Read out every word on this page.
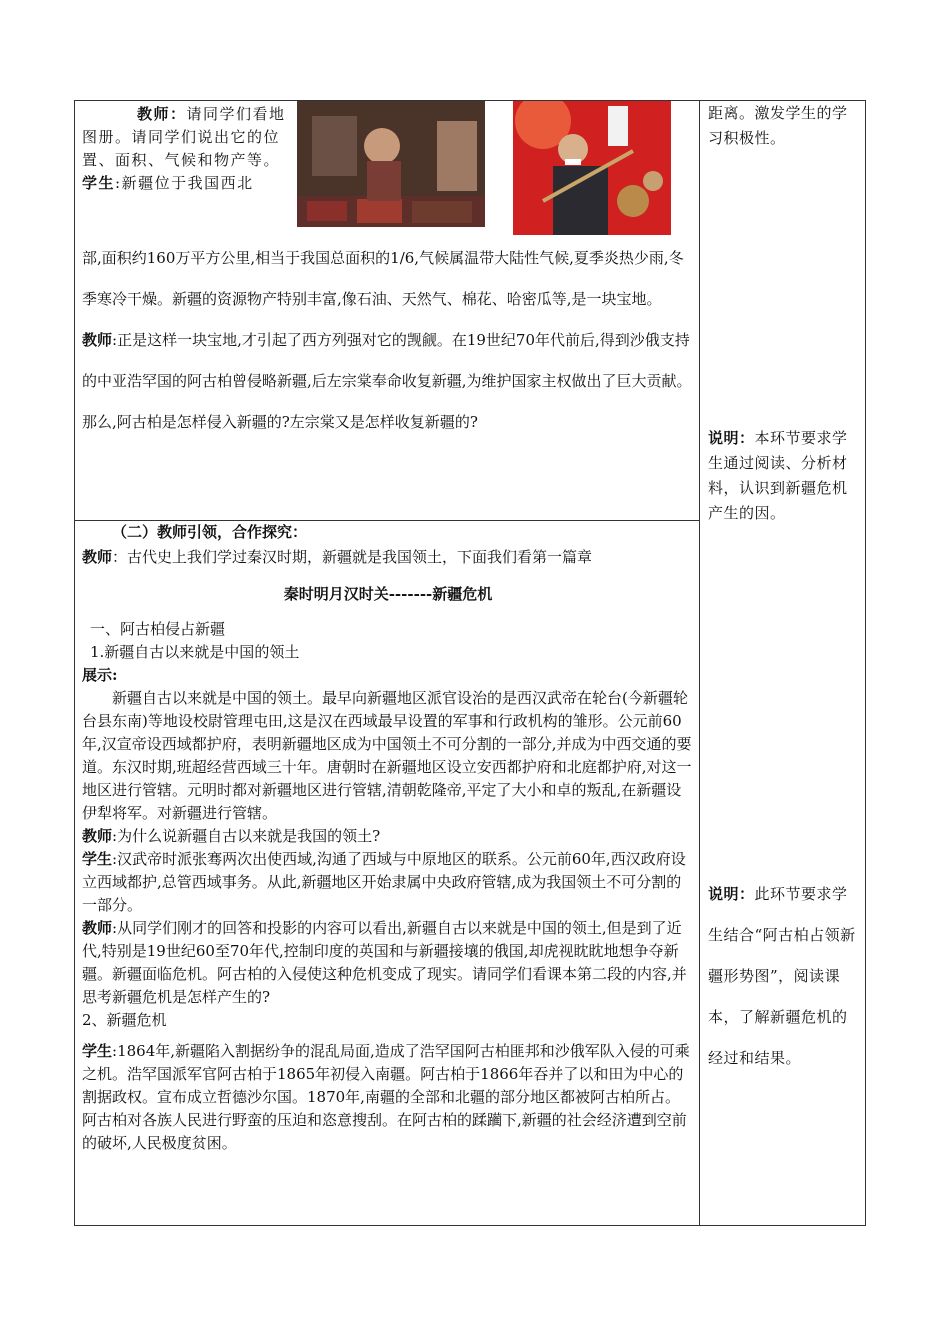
教师：请同学们看地图册。请同学们说出它的位置、面积、气候和物产等。

学生:新疆位于我国西北

部,面积约160万平方公里,相当于我国总面积的1/6,气候属温带大陆性气候,夏季炎热少雨,冬季寒冷干燥。新疆的资源物产特别丰富,像石油、天然气、棉花、哈密瓜等,是一块宝地。

教师:正是这样一块宝地,才引起了西方列强对它的觊觎。在19世纪70年代前后,得到沙俄支持的中亚浩罕国的阿古柏曾侵略新疆,后左宗棠奉命收复新疆,为维护国家主权做出了巨大贡献。那么,阿古柏是怎样侵入新疆的?左宗棠又是怎样收复新疆的?

（二）教师引领，合作探究：

教师：古代史上我们学过秦汉时期，新疆就是我国领土，下面我们看第一篇章

秦时明月汉时关-------新疆危机

一、阿古柏侵占新疆

1.新疆自古以来就是中国的领土

展示:

新疆自古以来就是中国的领土。最早向新疆地区派官设治的是西汉武帝在轮台(今新疆轮台县东南)等地设校尉管理屯田,这是汉在西域最早设置的军事和行政机构的雏形。公元前60年,汉宣帝设西域都护府，表明新疆地区成为中国领土不可分割的一部分,并成为中西交通的要道。东汉时期,班超经营西域三十年。唐朝时在新疆地区设立安西都护府和北庭都护府,对这一地区进行管辖。元明时都对新疆地区进行管辖,清朝乾隆帝,平定了大小和卓的叛乱,在新疆设伊犁将军。对新疆进行管辖。

教师:为什么说新疆自古以来就是我国的领土?

学生:汉武帝时派张骞两次出使西域,沟通了西域与中原地区的联系。公元前60年,西汉政府设立西域都护,总管西域事务。从此,新疆地区开始隶属中央政府管辖,成为我国领土不可分割的一部分。

教师:从同学们刚才的回答和投影的内容可以看出,新疆自古以来就是中国的领土,但是到了近代,特别是19世纪60至70年代,控制印度的英国和与新疆接壤的俄国,却虎视眈眈地想争夺新疆。新疆面临危机。阿古柏的入侵使这种危机变成了现实。请同学们看课本第二段的内容,并思考新疆危机是怎样产生的?

2、新疆危机

学生:1864年,新疆陷入割据纷争的混乱局面,造成了浩罕国阿古柏匪邦和沙俄军队入侵的可乘之机。浩罕国派军官阿古柏于1865年初侵入南疆。阿古柏于1866年吞并了以和田为中心的割据政权。宣布成立哲德沙尔国。1870年,南疆的全部和北疆的部分地区都被阿古柏所占。阿古柏对各族人民进行野蛮的压迫和恣意搜刮。在阿古柏的蹂躏下,新疆的社会经济遭到空前的破坏,人民极度贫困。

距离。激发学生的学习积极性。
说明：本环节要求学生通过阅读、分析材料，认识到新疆危机产生的因。
说明：此环节要求学生结合“阿古柏占领新疆形势图”，阅读课本，了解新疆危机的经过和结果。
